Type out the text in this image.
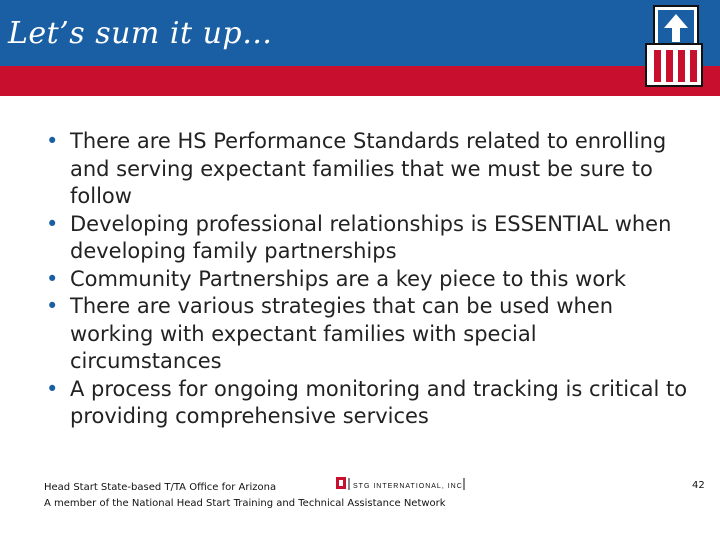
Let’s sum it up…
• There are HS Performance Standards related to enrolling and serving expectant families that we must be sure to follow
• Developing professional relationships is ESSENTIAL when developing family partnerships
• Community Partnerships are a key piece to this work
• There are various strategies that can be used when working with expectant families with special circumstances
• A process for ongoing monitoring and tracking is critical to providing comprehensive services
Head Start State-based T/TA Office for Arizona
A member of the National Head Start Training and Technical Assistance Network
STG INTERNATIONAL, INC	42
